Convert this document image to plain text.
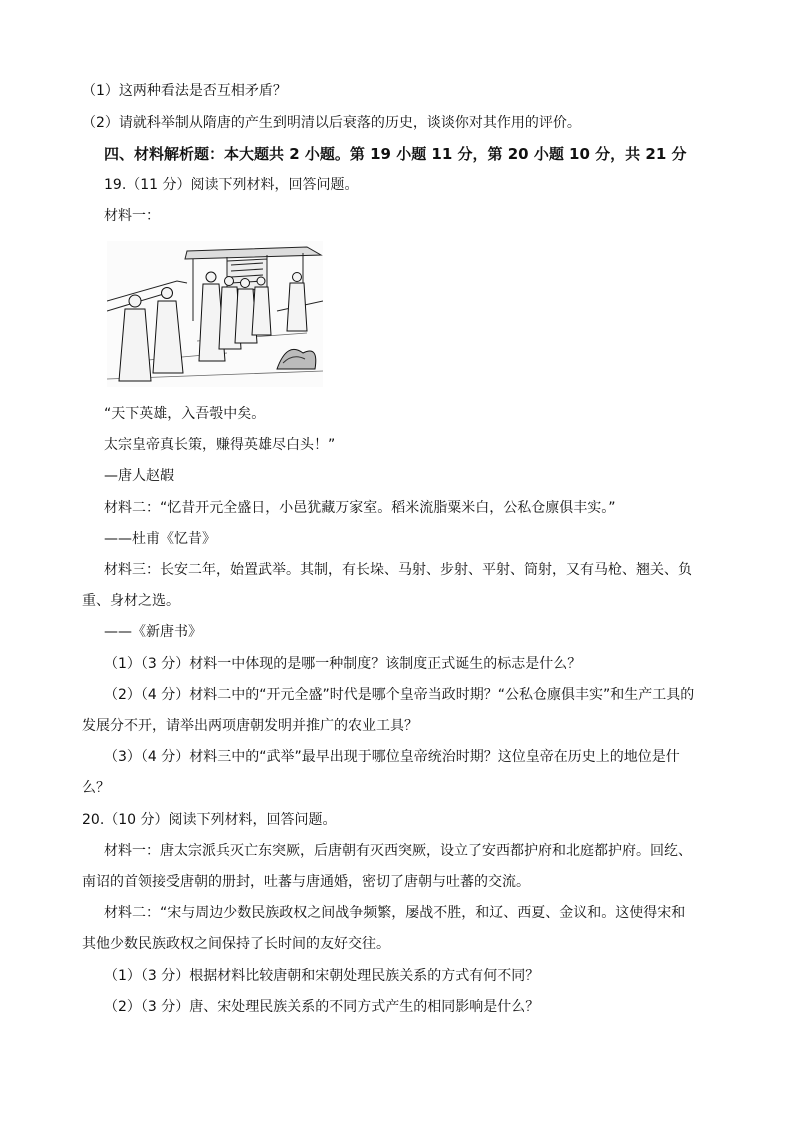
（1）这两种看法是否互相矛盾？
（2）请就科举制从隋唐的产生到明清以后衰落的历史，谈谈你对其作用的评价。
四、材料解析题：本大题共 2 小题。第 19 小题 11 分，第 20 小题 10 分，共 21 分
19.（11 分）阅读下列材料，回答问题。
材料一：
“天下英雄，入吾彀中矣。
太宗皇帝真长策，赚得英雄尽白头！”
—唐人赵嘏
材料二：“忆昔开元全盛日，小邑犹藏万家室。稻米流脂粟米白，公私仓廪俱丰实。”
——杜甫《忆昔》
材料三：长安二年，始置武举。其制，有长垛、马射、步射、平射、筒射，又有马枪、翘关、负
重、身材之选。
——《新唐书》
（1）（3 分）材料一中体现的是哪一种制度？该制度正式诞生的标志是什么？
（2）（4 分）材料二中的“开元全盛”时代是哪个皇帝当政时期？“公私仓廪俱丰实”和生产工具的
发展分不开，请举出两项唐朝发明并推广的农业工具？
（3）（4 分）材料三中的“武举”最早出现于哪位皇帝统治时期？这位皇帝在历史上的地位是什
么？
20.（10 分）阅读下列材料，回答问题。
材料一：唐太宗派兵灭亡东突厥，后唐朝有灭西突厥，设立了安西都护府和北庭都护府。回纥、
南诏的首领接受唐朝的册封，吐蕃与唐通婚，密切了唐朝与吐蕃的交流。
材料二：“宋与周边少数民族政权之间战争频繁，屡战不胜，和辽、西夏、金议和。这使得宋和
其他少数民族政权之间保持了长时间的友好交往。
（1）（3 分）根据材料比较唐朝和宋朝处理民族关系的方式有何不同？
（2）（3 分）唐、宋处理民族关系的不同方式产生的相同影响是什么？
